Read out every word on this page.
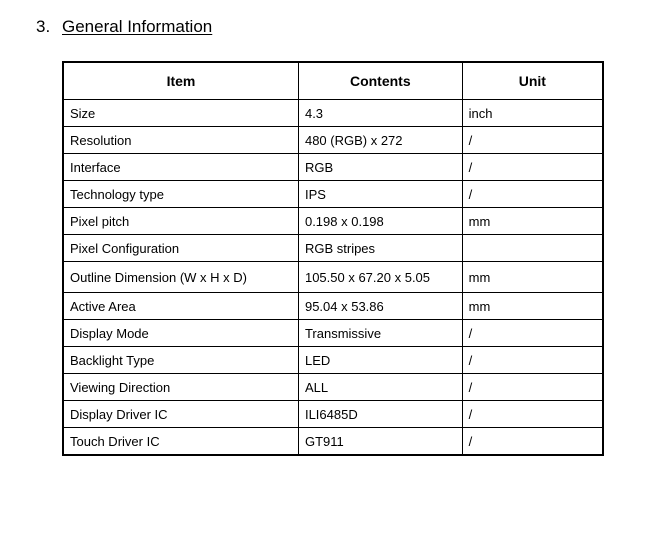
3. General Information
Item	Contents	Unit
Size	4.3	inch
Resolution	480 (RGB) x 272	/
Interface	RGB	/
Technology type	IPS	/
Pixel pitch	0.198 x 0.198	mm
Pixel Configuration	RGB stripes	
Outline Dimension (W x H x D)	105.50 x 67.20 x 5.05	mm
Active Area	95.04 x 53.86	mm
Display Mode	Transmissive	/
Backlight Type	LED	/
Viewing Direction	ALL	/
Display Driver IC	ILI6485D	/
Touch Driver IC	GT911	/
